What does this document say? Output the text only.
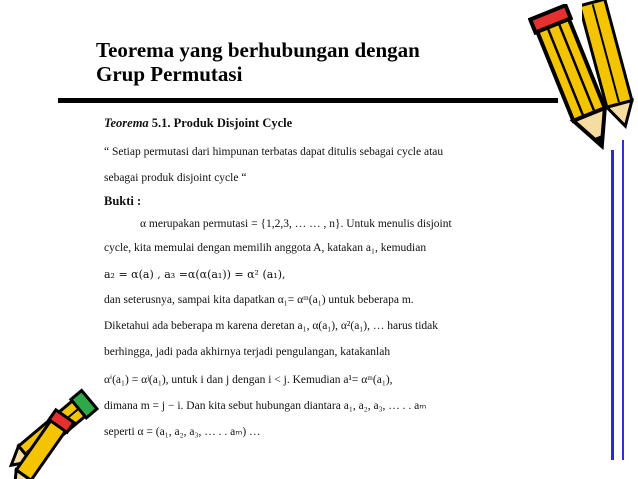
Teorema yang berhubungan dengan
Grup Permutasi
Teorema 5.1. Produk Disjoint Cycle
“ Setiap permutasi dari himpunan terbatas dapat ditulis sebagai cycle atau
sebagai produk disjoint cycle “
Bukti :
α merupakan permutasi = {1,2,3, … … , n}. Untuk menulis disjoint
cycle, kita memulai dengan memilih anggota A, katakan a₁, kemudian
a₂ = α(a) , a₃ =α(α(a₁)) = α² (a₁),
dan seterusnya, sampai kita dapatkan α₁= αᵐ(a₁) untuk beberapa m.
Diketahui ada beberapa m karena deretan a₁, α(a₁), α²(a₁), … harus tidak
berhingga, jadi pada akhirnya terjadi pengulangan, katakanlah
αⁱ(a₁) = αʲ(a₁), untuk i dan j dengan i < j. Kemudian a¹= αᵐ(a₁),
dimana m = j − i. Dan kita sebut hubungan diantara a₁, a₂, a₃, … . . aₘ
seperti α = (a₁, a₂, a₃, … . . aₘ) …
